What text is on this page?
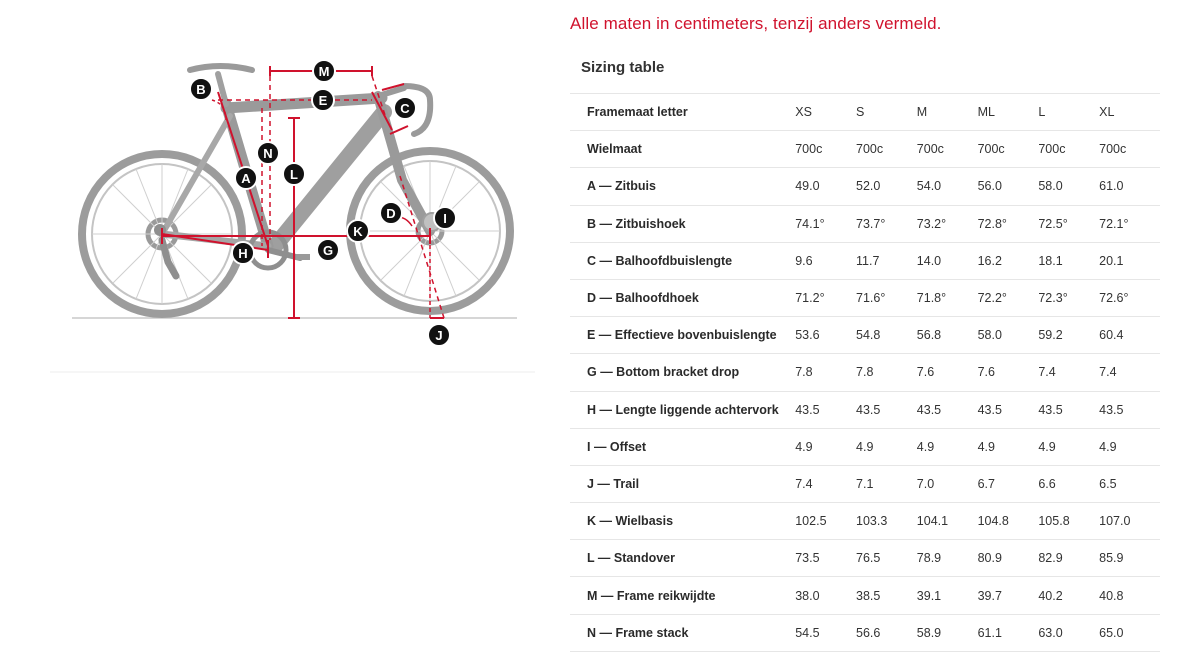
M
B
E
C
N
L
A
D	I
K
H	G
J
Alle maten in centimeters, tenzij anders vermeld.
Sizing table
Framemaat letter	XS	S	M	ML	L	XL
Wielmaat	700c	700c	700c	700c	700c	700c
A — Zitbuis	49.0	52.0	54.0	56.0	58.0	61.0
B — Zitbuishoek	74.1°	73.7°	73.2°	72.8°	72.5°	72.1°
C — Balhoofdbuislengte	9.6	11.7	14.0	16.2	18.1	20.1
D — Balhoofdhoek	71.2°	71.6°	71.8°	72.2°	72.3°	72.6°
E — Effectieve bovenbuislengte	53.6	54.8	56.8	58.0	59.2	60.4
G — Bottom bracket drop	7.8	7.8	7.6	7.6	7.4	7.4
H — Lengte liggende achtervork	43.5	43.5	43.5	43.5	43.5	43.5
I — Offset	4.9	4.9	4.9	4.9	4.9	4.9
J — Trail	7.4	7.1	7.0	6.7	6.6	6.5
K — Wielbasis	102.5	103.3	104.1	104.8	105.8	107.0
L — Standover	73.5	76.5	78.9	80.9	82.9	85.9
M — Frame reikwijdte	38.0	38.5	39.1	39.7	40.2	40.8
N — Frame stack	54.5	56.6	58.9	61.1	63.0	65.0
